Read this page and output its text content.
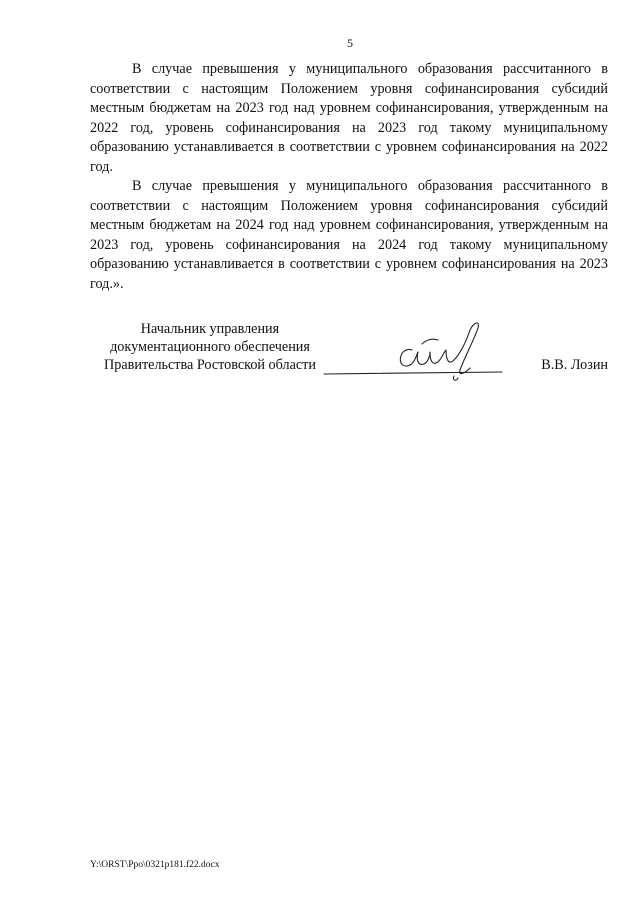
5

В случае превышения у муниципального образования рассчитанного в соответствии с настоящим Положением уровня софинансирования субсидий местным бюджетам на 2023 год над уровнем софинансирования, утвержденным на 2022 год, уровень софинансирования на 2023 год такому муниципальному образованию устанавливается в соответствии с уровнем софинансирования на 2022 год.

В случае превышения у муниципального образования рассчитанного в соответствии с настоящим Положением уровня софинансирования субсидий местным бюджетам на 2024 год над уровнем софинансирования, утвержденным на 2023 год, уровень софинансирования на 2024 год такому муниципальному образованию устанавливается в соответствии с уровнем софинансирования на 2023 год.».

Начальник управления
документационного обеспечения
Правительства Ростовской области	В.В. Лозин
Y:\ORST\Ppo\0321p181.f22.docx
